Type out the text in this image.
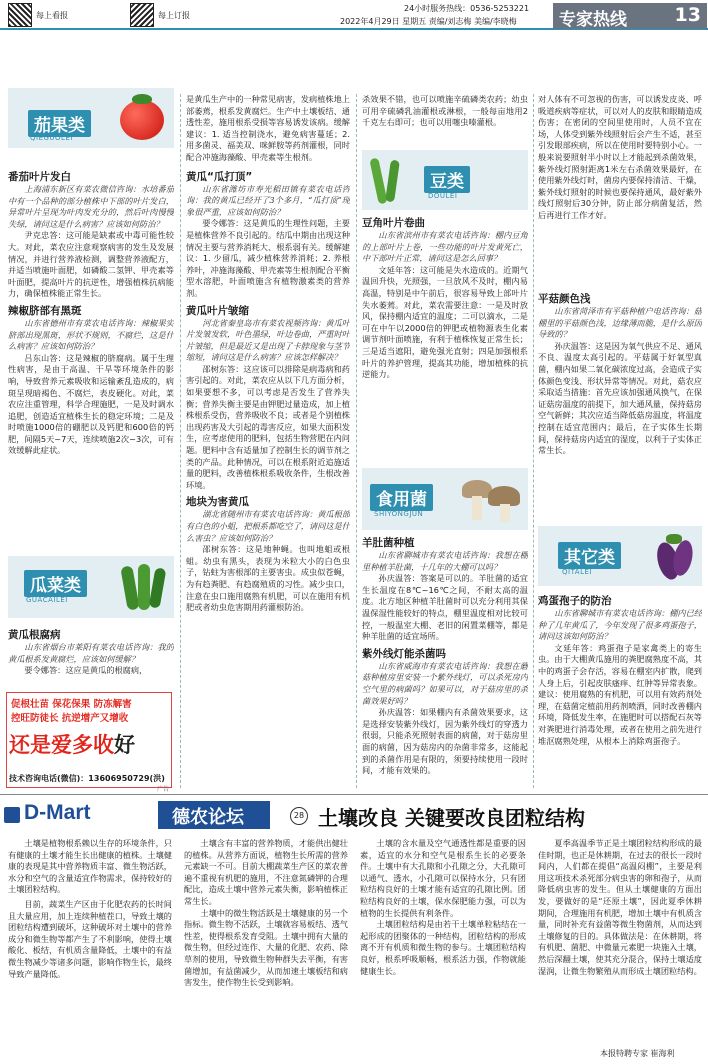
每上看报	每上订报
24小时服务热线：0536-5253221
2022年4月29日 星期五 责编/刘志梅 美编/李晓梅 专家热线	13
茄果类
QIEGUOLEI
番茄叶片发白

上海浦东新区有菜农微信咨询：水培番茄中有一个品种的部分植株中下部的叶片发白，异常叶片呈现为叶肉发充分的，然后叶肉慢慢失绿，请问这是什么病害？应该如何防治？

尹克忠答：这可能是缺素或中毒可能性较大。对此，菜农应注意观察病害的发生及发展情况，并进行营养液检测，调整营养液配方，并适当喷施叶面肥，如磷酸二氢钾、甲壳素等叶面肥，提高叶片的抗逆性，增强植株抗病能力，确保植株能正常生长。

辣椒脐部有黑斑

山东省德州市有菜农电话咨询：辣椒果实脐部出现黑斑，形状不规则，不腐烂，这是什么病害？应该如何防治？

吕东山答：这是辣椒的脐腐病。属于生理性病害，是由于高温、干旱等环境条件的影响，导致营养元素吸收和运输紊乱造成的，病斑呈现暗褐色、不腐烂，表皮硬化。对此，菜农应注重管理，科学合理施肥，一是及时调水追肥，创造适宜植株生长的稳定环境；二是及时喷施1000倍的硼肥以及钙肥和600倍的钙肥，间隔5天~7天，连续喷施2次~3次，可有效缓解此症状。

瓜菜类
GUACAILEI
黄瓜根腐病

山东省烟台市莱阳有菜农电话咨询：我的黄瓜根系发黄腐烂，应该如何缓解？

要令娜答：这应是黄瓜的根腐病，

促根壮苗 保花保果 防冻解害
控旺防徒长 抗逆增产又增收
还是爱多收好
技术咨询电话(微信)：13606950729(洪)
广告

是黄瓜生产中的一种常见病害，发病植株地上部萎蔫，根系发黄腐烂。生产中土壤板结、通透性差，施用根系受损等容易诱发该病。缓解建议：1. 适当控制浇水，避免病害蔓延；2. 用多菌灵、福美双、咪鲜胺等药剂灌根，同时配合冲施海藻酸、甲壳素等生根剂。

黄瓜“瓜打顶”

山东省潍坊市寿光稻田镇有菜农电话咨询：我的黄瓜已经开了3个多月，“瓜打顶”现象很严重，应该如何防治？

要令娜答：这是黄瓜的生理性问题，主要是植株营养不良引起的。结瓜中期由出现这种情况主要与营养消耗大、根系弱有关。缓解建议：1. 少留瓜，减少植株营养消耗；2. 养根养叶，冲施海藻酸、甲壳素等生根剂配合平衡型水溶肥，叶面喷施含有植物激素类的营养剂。

黄瓜叶片皱缩

河北省秦皇岛市有菜农视频咨询：黄瓜叶片发皱发软，叶色墨绿，叶边卷曲，严重时叶片皱缩，但是最近又是出现了卡脖现象与茎节缩短，请问这是什么病害？应该怎样解决？

邵树东答：这应该可以排除是病毒病和药害引起的。对此，菜农应从以下几方面分析，如果要想不多，可以考虑是否发生了营养失衡；营养失衡主要是由钾肥过量造成，加上植株根系受伤，营养吸收不良；或者是个别植株出现药害及大引起的毒害反应，如果大面积发生，应考虑使用的肥料，包括生物营肥在内问题。肥料中含有适量加了控制生长的调节剂之类的产品。此种情况，可以在根系附近追施适量的肥料，改善植株根系吸收条件，生根改善环境。

地块为害黄瓜

湖北省随州市有菜农电话咨询：黄瓜根部有白色的小蛆，把根系都吃空了，请问这是什么害虫？应该如何防治？

邵树东答：这是地种蝇。也叫地蛆或根蛆。幼虫有黑头，表现为米粒大小的白色虫子，钻蛀为害根部的主要害虫。成虫似苍蝇，为有趋粪肥、有趋腐殖质的习性。减少虫口，注意在虫口施用腐熟有机肥，可以在施用有机肥或者幼虫危害期用药灌根防治。

杀效果不错，也可以喷施辛硫磷类农药；幼虫可用辛硫磷乳油灌根或淋根，一般每亩地用2千克左右即可；也可以用噻虫嗪灌根。

豆类
DOULEI
豆角叶片卷曲

山东省滨州市有菜农电话咨询：棚内豆角的上部叶片上卷，一些功能的叶片发黄死亡，中下部叶片正常，请问这是怎么回事？

文延年答：这可能是失水造成的。近期气温回升快，光照强，一旦放风不及时，棚内易高温，特别是中午前后，很容易导致上部叶片失水萎蔫。对此，菜农需要注意：一是及时放风，保持棚内适宜的温度；二可以滴水，二是可在中午以2000倍的钾肥或植物源表生化素调节剂叶面喷施，有利于植株恢复正常生长；三是适当遮阳，避免强光直射；四是加强根系叶片的养护管理，提高其功能，增加植株的抗逆能力。

食用菌
SHIYONGJUN
羊肚菌种植

山东省聊城市有菜农电话咨询：我想在棚里种植羊肚菌，十几年的大棚可以吗？

孙庆温答：答案是可以的。羊肚菌的适宜生长温度在8℃~16℃之间，不耐太高的温度。北方地区种植羊肚菌时可以充分利用其保温保湿性能较好的特点，棚里温度相对比较可控，一般温室大棚、老旧的闲置菜棚等，都是种羊肚菌的适宜场所。

紫外线灯能杀菌吗

山东省威海市有菜农电话咨询：我想在蘑菇种植房里安装一个紫外线灯，可以杀死房内空气里的病菌吗？如果可以，对于菇房里的杀菌效果好吗？

孙庆温答：如果棚内有杀菌效果要求，这是选择安装紫外线灯，因为紫外线灯的穿透力很弱，只能杀死照射表面的病菌，对于菇房里面的病菌，因为菇房内的杂菌非常多，这能起到的杀菌作用是有限的，须要持续使用一段时间，才能有效果的。

对人体有不可忽视的伤害，可以诱发皮炎、呼吸道疾病等症状，可以对人的皮肤和眼睛造成伤害；在密闭的空间里使用时，人员不宜在场，人体受到紫外线照射后会产生不适，甚至引发眼部疾病，所以在使用时要特别小心。一般来说要照射半小时以上才能起到杀菌效果，紫外线灯照射距离1米左右杀菌效果最好，在使用紫外线灯时，菌房内要保持清洁、干燥，紫外线灯照射的时候也要保持通风，最好紫外线灯照射后30分钟，防止部分病菌复活，然后再进行工作才好。

平菇颜色浅

山东省菏泽市有平菇种植户电话咨询：菇棚里的平菇颜色浅，边缘薄而脆，是什么原因导致的？

孙庆温答：这是因为氧气供应不足、通风不良、温度太高引起的。平菇属于好氧型真菌，棚内如果二氧化碳浓度过高，会造成子实体颜色变浅、形状异常等情况。对此，菇农应采取适当措施：首先应该加强通风换气，在保证菇房温度的前提下，加大通风量，保持菇房空气新鲜；其次应适当降低菇房温度，将温度控制在适宜范围内；最后，在子实体生长期间，保持菇房内适宜的湿度，以利于子实体正常生长。

其它类
QITALEI
鸡蛋孢子的防治

山东省聊城市有菜农电话咨询：棚内已经种了几年黄瓜了，今年发现了很多鸡蛋孢子，请问这该如何防治？

文延年答：鸡蛋孢子是家禽类上的寄生虫。由于大棚黄瓜施用的粪肥腐熟度不高，其中的鸡蛋子会存活，容易在棚室内扩散，爬到人身上后，引起皮肤瘙痒、红肿等异常表象。建议：使用腐熟的有机肥，可以用有效药剂处理，在菇菌定植前用药剂喷洒，同时改善棚内环境，降低发生率，在施肥时可以搭配石灰等对粪肥进行消毒处理，或者在使用之前先进行堆沤腐熟处理，从根本上消除鸡蛋孢子。

D-Mart	德农论坛	28 土壤改良 关键要改良团粒结构

土壤是植物根系赖以生存的环境条件，只有健康的土壤才能生长出健康的植株。土壤健康的表现是其中营养物质丰富、微生物活跃，水分和空气的含量适宜作物需求，保持较好的土壤团粒结构。

目前，蔬菜生产区由于化肥农药的长时间且大量应用，加上连续种植茬口，导致土壤的团粒结构遭到破坏，这种破坏对土壤中的营养成分和微生物等都产生了不利影响，使得土壤酸化、板结，有机质含量降低，土壤中的有益微生物减少等诸多问题，影响作物生长，最终导致产量降低。

土壤含有丰富的营养物质，才能供出健壮的植株。从营养方面说，植物生长所需的营养元素缺一不可。目前大棚蔬菜生产区的菜农普遍不重视有机肥的施用，不注意氮磷钾的合理配比，造成土壤中营养元素失衡，影响植株正常生长。

土壤中的微生物活跃是土壤健康的另一个指标。微生物不活跃，土壤就容易板结、透气性差，使得根系发育受阻。土壤中拥有大量的微生物，但经过连作、大量的化肥、农药、除草剂的使用，导致微生物种群失去平衡，有害菌增加，有益菌减少，从而加速土壤板结和病害发生，使作物生长受到影响。

土壤的含水量及空气通透性都是重要的因素，适宜的水分和空气是根系生长的必要条件。土壤中有大孔隙和小孔隙之分，大孔隙可以通气、透水，小孔隙可以保持水分，只有团粒结构良好的土壤才能有适宜的孔隙比例。团粒结构良好的土壤，保水保肥能力强，可以为植物的生长提供有利条件。

土壤团粒结构是由若干土壤单粒粘结在一起形成的团聚体的一种结构，团粒结构的形成离不开有机质和微生物的参与。土壤团粒结构良好，根系呼吸顺畅，根系活力强，作物就能健康生长。

夏季高温季节正是土壤团粒结构形成的最佳时期，也正是休耕期，在过去的很长一段时间内，人们都在提倡“高温闷棚”，主要是利用这项技术杀死部分病虫害的卵和孢子，从而降低病虫害的发生。但从土壤健康的方面出发，要做好的是“还原土壤”，因此夏季休耕期间，合理施用有机肥，增加土壤中有机质含量，同时补充有益菌等微生物菌剂，从而达到土壤修复的目的。具体做法是：在休耕期，将有机肥、菌肥、中微量元素肥一块施入土壤，然后深翻土壤，使其充分混合，保持土壤适度湿润，让微生物繁殖从而形成土壤团粒结构。

本报特聘专家 崔海利
